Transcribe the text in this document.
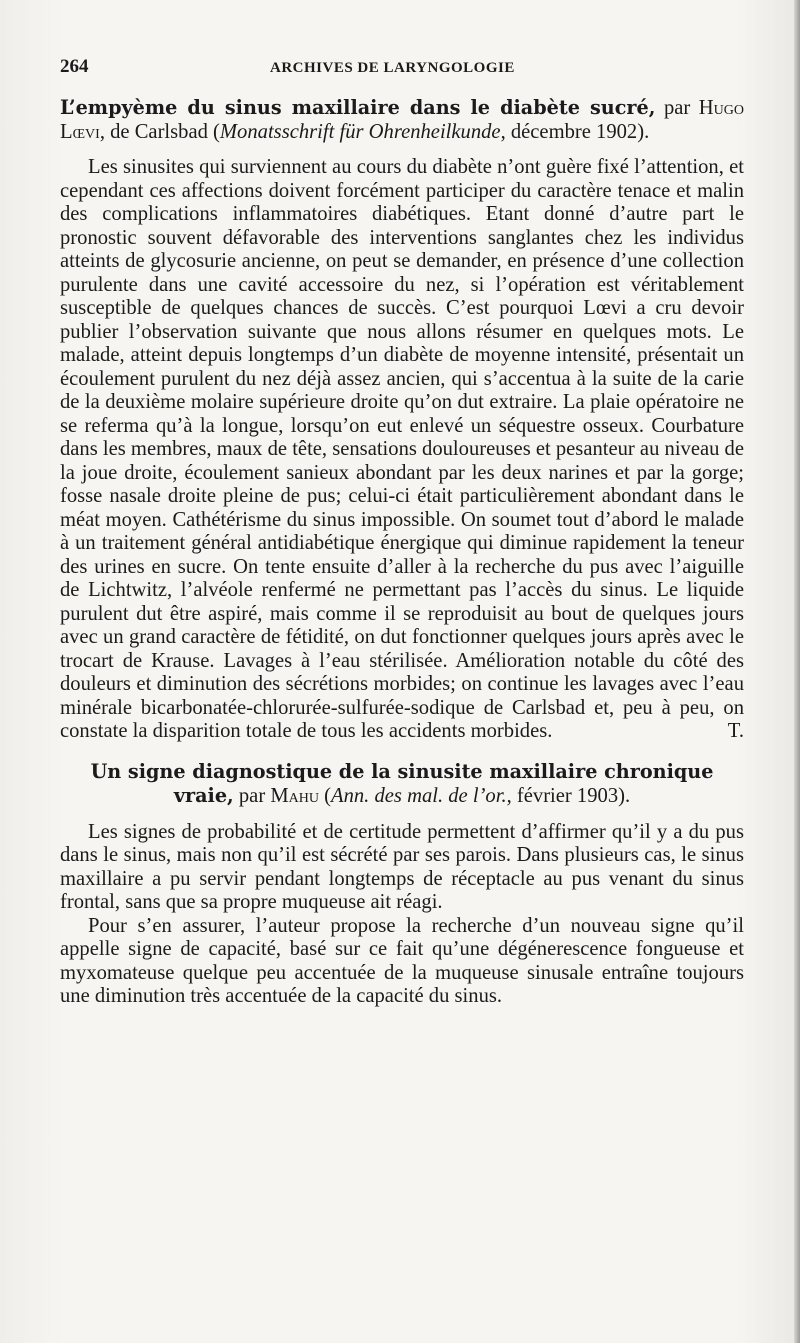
264	ARCHIVES DE LARYNGOLOGIE

L’empyème du sinus maxillaire dans le diabète sucré, par Hugo Lœvi, de Carlsbad (Monatsschrift für Ohrenheilkunde, décembre 1902).

Les sinusites qui surviennent au cours du diabète n’ont guère fixé l’attention, et cependant ces affections doivent forcément participer du caractère tenace et malin des complications inflammatoires diabétiques. Etant donné d’autre part le pronostic souvent défavorable des interventions sanglantes chez les individus atteints de glycosurie ancienne, on peut se demander, en présence d’une collection purulente dans une cavité accessoire du nez, si l’opération est véritablement susceptible de quelques chances de succès. C’est pourquoi Lœvi a cru devoir publier l’observation suivante que nous allons résumer en quelques mots. Le malade, atteint depuis longtemps d’un diabète de moyenne intensité, présentait un écoulement purulent du nez déjà assez ancien, qui s’accentua à la suite de la carie de la deuxième molaire supérieure droite qu’on dut extraire. La plaie opératoire ne se referma qu’à la longue, lorsqu’on eut enlevé un séquestre osseux. Courbature dans les membres, maux de tête, sensations douloureuses et pesanteur au niveau de la joue droite, écoulement sanieux abondant par les deux narines et par la gorge; fosse nasale droite pleine de pus; celui-ci était particulièrement abondant dans le méat moyen. Cathétérisme du sinus impossible. On soumet tout d’abord le malade à un traitement général antidiabétique énergique qui diminue rapidement la teneur des urines en sucre. On tente ensuite d’aller à la recherche du pus avec l’aiguille de Lichtwitz, l’alvéole renfermé ne permettant pas l’accès du sinus. Le liquide purulent dut être aspiré, mais comme il se reproduisit au bout de quelques jours avec un grand caractère de fétidité, on dut fonctionner quelques jours après avec le trocart de Krause. Lavages à l’eau stérilisée. Amélioration notable du côté des douleurs et diminution des sécrétions morbides; on continue les lavages avec l’eau minérale bicarbonatée-chlorurée-sulfurée-sodique de Carlsbad et, peu à peu, on constate la disparition totale de tous les accidents morbides.	T.

Un signe diagnostique de la sinusite maxillaire chronique vraie, par Mahu (Ann. des mal. de l’or., février 1903).

Les signes de probabilité et de certitude permettent d’affirmer qu’il y a du pus dans le sinus, mais non qu’il est sécrété par ses parois. Dans plusieurs cas, le sinus maxillaire a pu servir pendant longtemps de réceptacle au pus venant du sinus frontal, sans que sa propre muqueuse ait réagi.

Pour s’en assurer, l’auteur propose la recherche d’un nouveau signe qu’il appelle signe de capacité, basé sur ce fait qu’une dégénerescence fongueuse et myxomateuse quelque peu accentuée de la muqueuse sinusale entraîne toujours une diminution très accentuée de la capacité du sinus.
